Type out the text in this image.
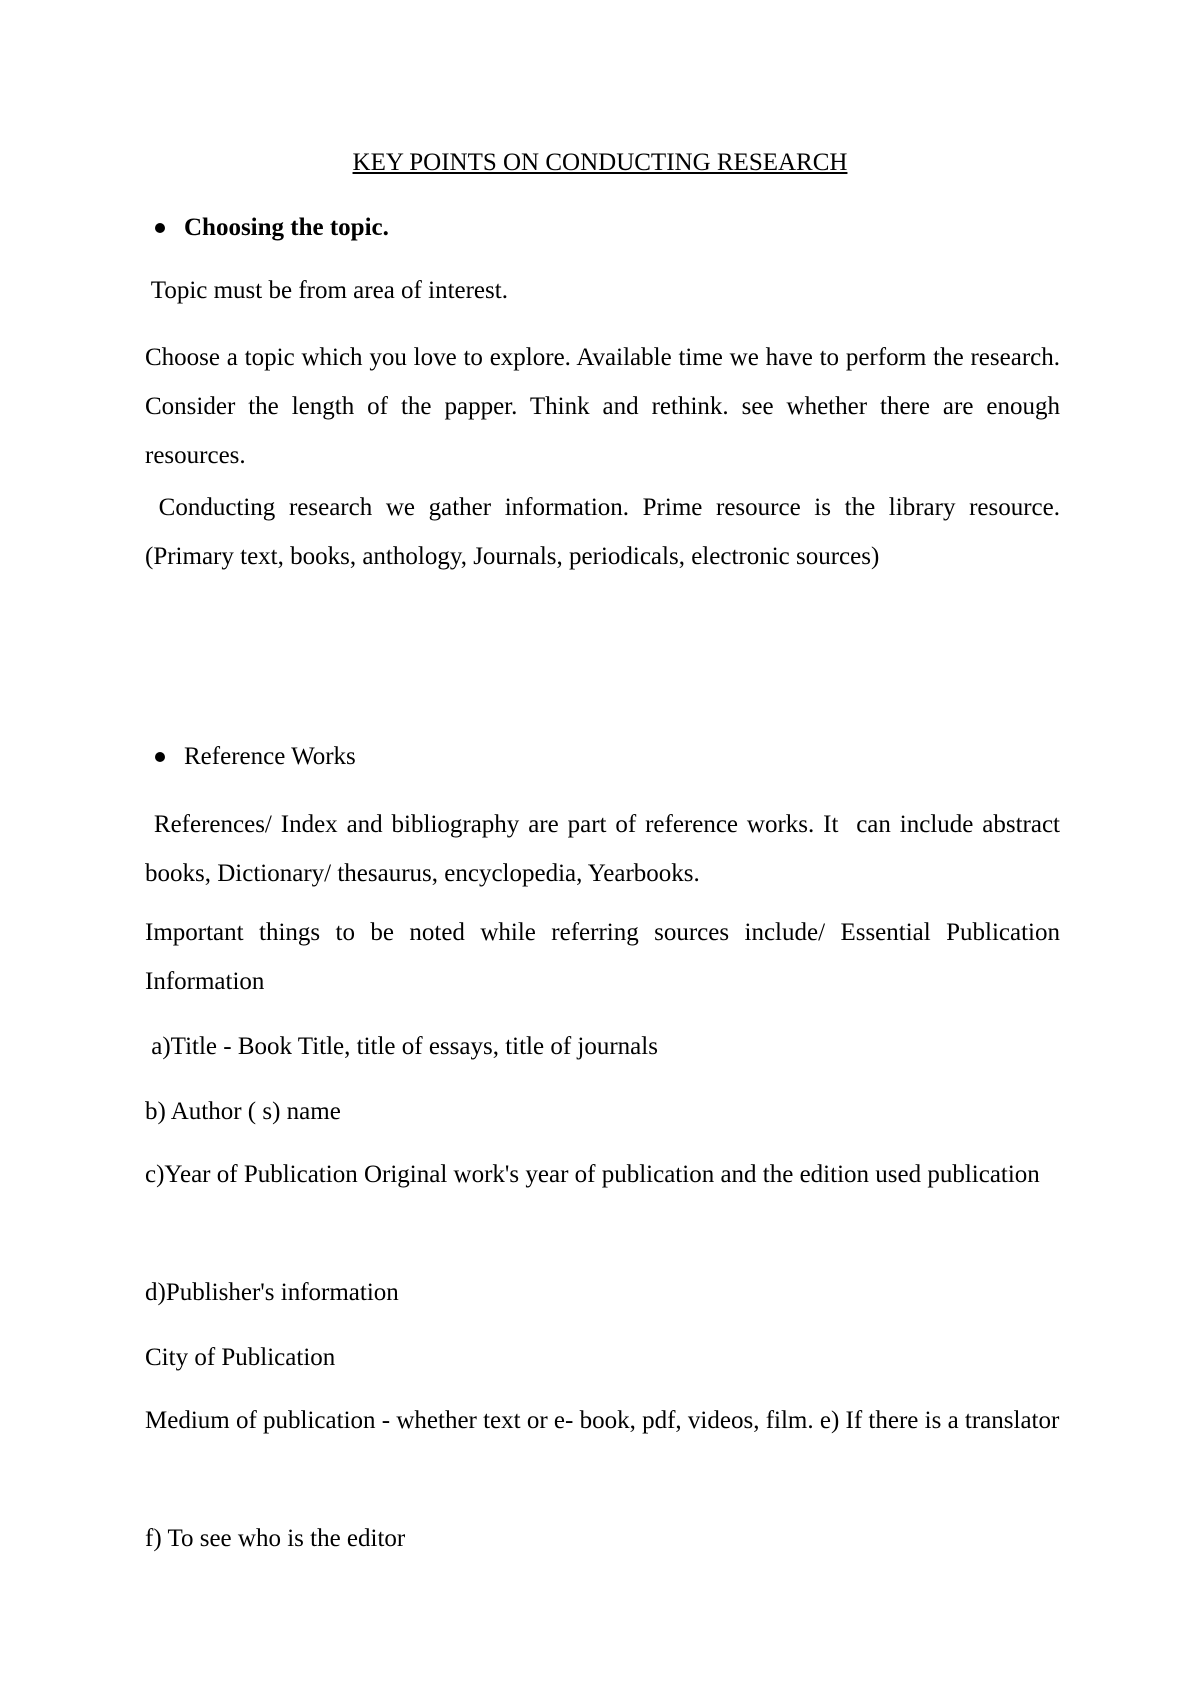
KEY POINTS ON CONDUCTING RESEARCH
Choosing the topic.
Topic must be from area of interest.
Choose a topic which you love to explore. Available time we have to perform the research. Consider the length of the papper. Think and rethink. see whether there are enough resources.
Conducting research we gather information. Prime resource is the library resource. (Primary text, books, anthology, Journals, periodicals, electronic sources)
Reference Works
References/ Index and bibliography are part of reference works. It  can include abstract books, Dictionary/ thesaurus, encyclopedia, Yearbooks.
Important things to be noted while referring sources include/ Essential Publication Information
a)Title - Book Title, title of essays, title of journals
b) Author ( s) name
c)Year of Publication Original work's year of publication and the edition used publication
d)Publisher's information
City of Publication
Medium of publication - whether text or e- book, pdf, videos, film. e) If there is a translator
f) To see who is the editor
